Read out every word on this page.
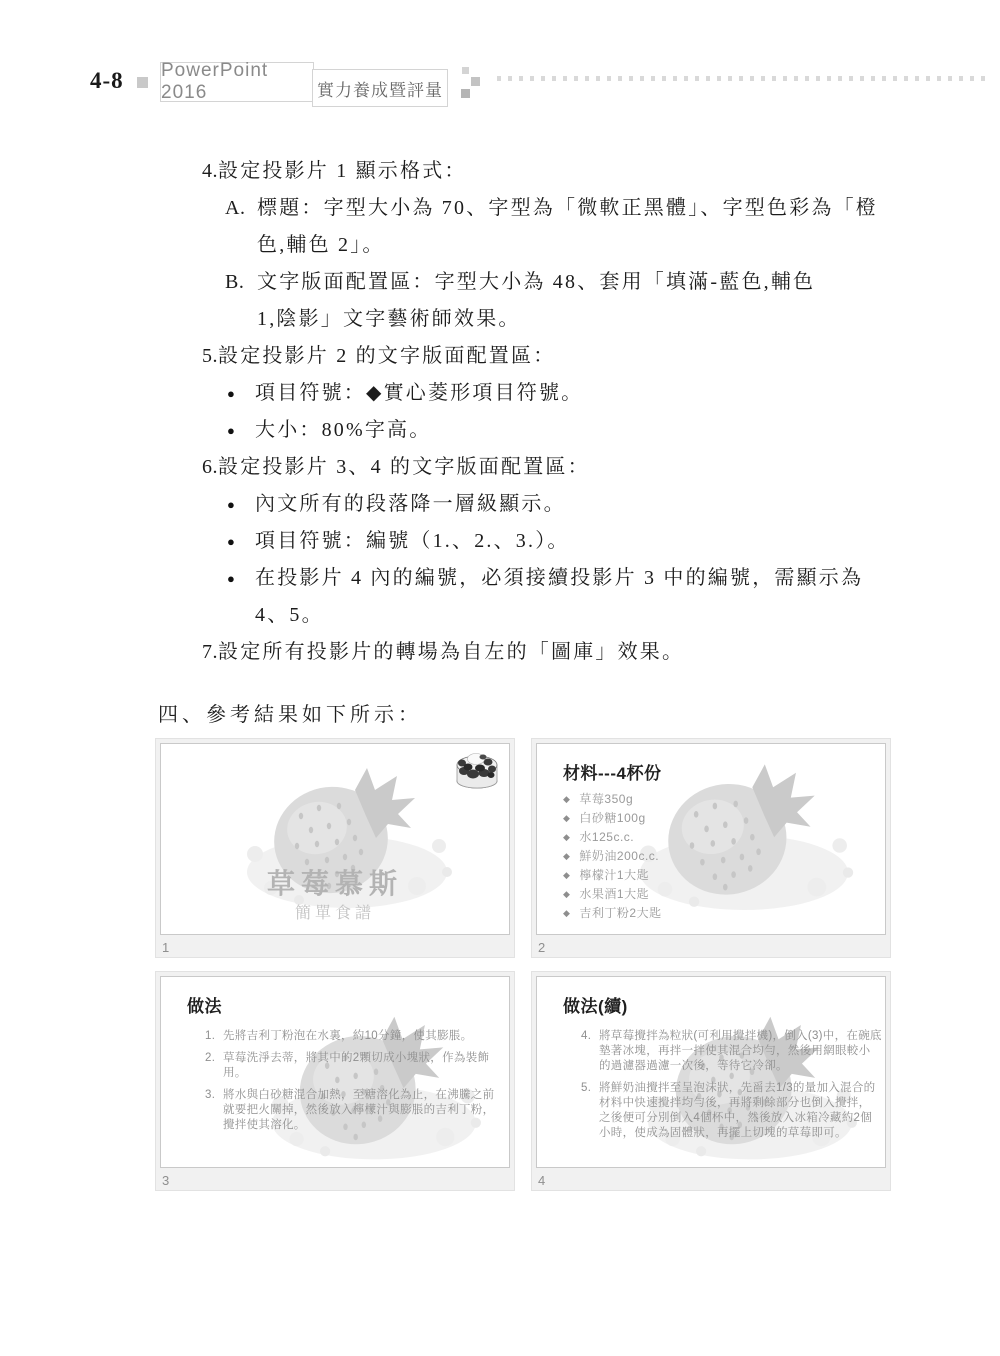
4-8 PowerPoint 2016	實力養成暨評量
4. 設定投影片 1 顯示格式：
A. 標題：字型大小為 70、字型為「微軟正黑體」、字型色彩為「橙色,輔色 2」。
B. 文字版面配置區：字型大小為 48、套用「填滿-藍色,輔色 1,陰影」文字藝術師效果。
5. 設定投影片 2 的文字版面配置區：
● 項目符號：◆實心菱形項目符號。
● 大小：80%字高。
6. 設定投影片 3、4 的文字版面配置區：
● 內文所有的段落降一層級顯示。
● 項目符號：編號（1.、2.、3.）。
● 在投影片 4 內的編號，必須接續投影片 3 中的編號，需顯示為 4、5。
7. 設定所有投影片的轉場為自左的「圖庫」效果。
四、參考結果如下所示：
草莓慕斯
簡單食譜
1
材料---4杯份
◆ 草莓350g
◆ 白砂糖100g
◆ 水125c.c.
◆ 鮮奶油200c.c.
◆ 檸檬汁1大匙
◆ 水果酒1大匙
◆ 吉利丁粉2大匙
2
做法
1. 先將吉利丁粉泡在水裏，約10分鐘，使其膨脹。
2. 草莓洗淨去蒂，將其中的2顆切成小塊狀，作為裝飾用。
3. 將水與白砂糖混合加熱，至糖溶化為止，在沸騰之前就要把火關掉，然後放入檸檬汁與膨脹的吉利丁粉，攪拌使其溶化。
3
做法(續)
4. 將草莓攪拌為粒狀(可利用攪拌機)，倒入(3)中，在碗底墊著冰塊，再拌一拌使其混合均勻，然後用網眼較小的過濾器過濾一次後，等待它冷卻。
5. 將鮮奶油攪拌至呈泡沫狀，先舀去1/3的量加入混合的材料中快速攪拌均勻後，再將剩餘部分也倒入攪拌，之後便可分別倒入4個杯中，然後放入冰箱冷藏約2個小時，使成為固體狀，再擺上切塊的草莓即可。
4
